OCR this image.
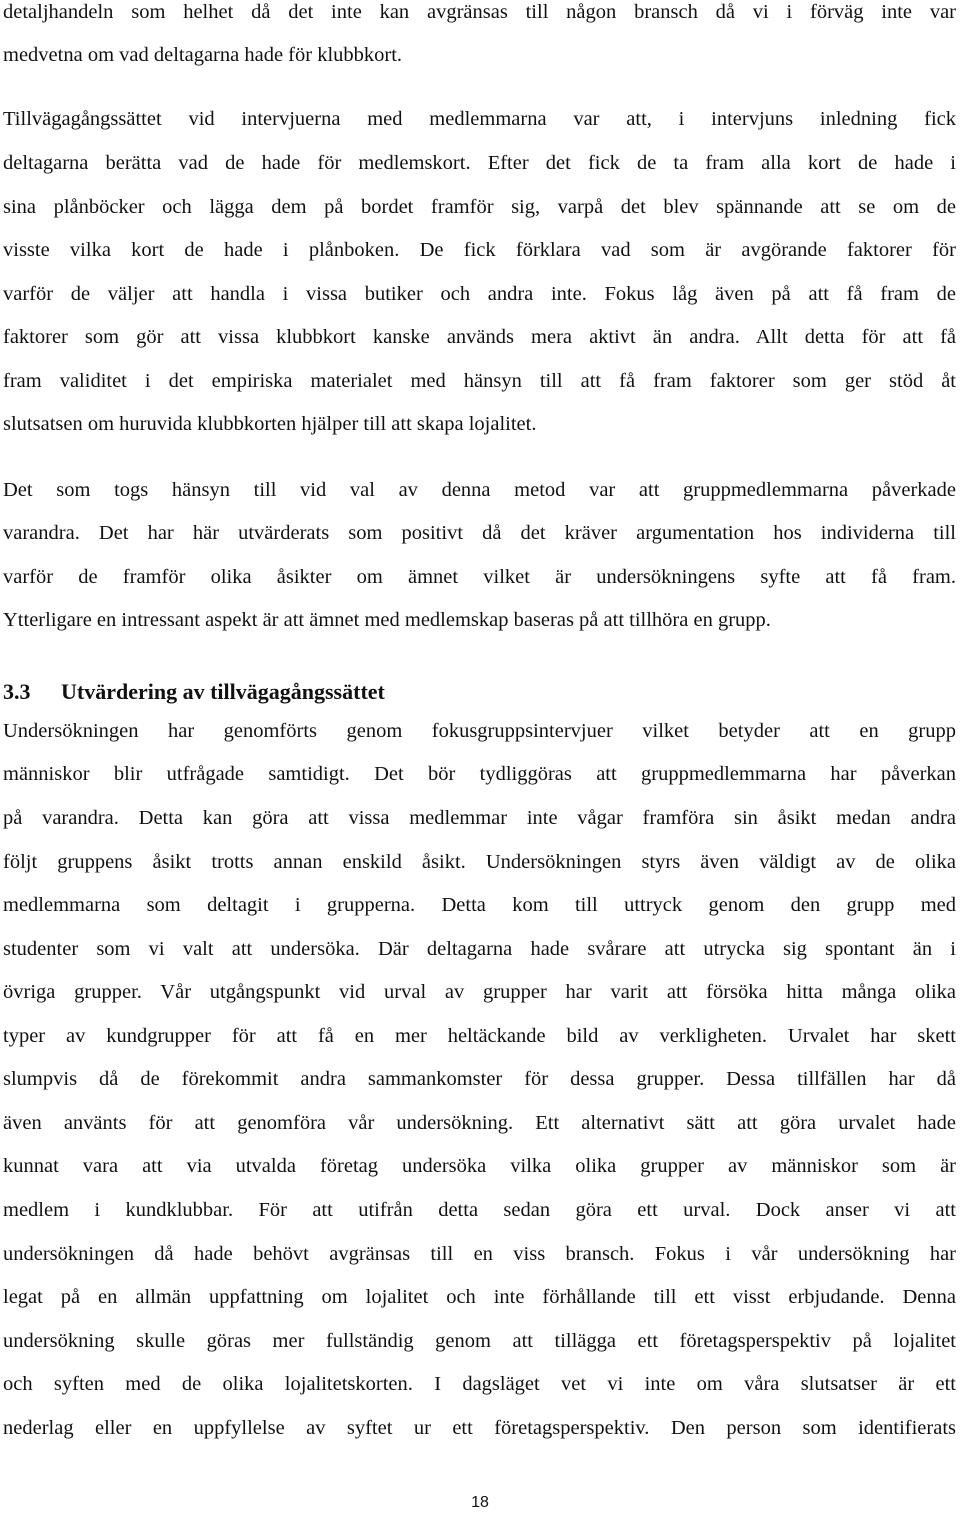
detaljhandeln som helhet då det inte kan avgränsas till någon bransch då vi i förväg inte var
medvetna om vad deltagarna hade för klubbkort.
Tillvägagångssättet vid intervjuerna med medlemmarna var att, i intervjuns inledning fick
deltagarna berätta vad de hade för medlemskort. Efter det fick de ta fram alla kort de hade i
sina plånböcker och lägga dem på bordet framför sig, varpå det blev spännande att se om de
visste vilka kort de hade i plånboken. De fick förklara vad som är avgörande faktorer för
varför de väljer att handla i vissa butiker och andra inte. Fokus låg även på att få fram de
faktorer som gör att vissa klubbkort kanske används mera aktivt än andra. Allt detta för att få
fram validitet i det empiriska materialet med hänsyn till att få fram faktorer som ger stöd åt
slutsatsen om huruvida klubbkorten hjälper till att skapa lojalitet.
Det som togs hänsyn till vid val av denna metod var att gruppmedlemmarna påverkade
varandra. Det har här utvärderats som positivt då det kräver argumentation hos individerna till
varför de framför olika åsikter om ämnet vilket är undersökningens syfte att få fram.
Ytterligare en intressant aspekt är att ämnet med medlemskap baseras på att tillhöra en grupp.
3.3 Utvärdering av tillvägagångssättet
Undersökningen har genomförts genom fokusgruppsintervjuer vilket betyder att en grupp
människor blir utfrågade samtidigt. Det bör tydliggöras att gruppmedlemmarna har påverkan
på varandra. Detta kan göra att vissa medlemmar inte vågar framföra sin åsikt medan andra
följt gruppens åsikt trotts annan enskild åsikt. Undersökningen styrs även väldigt av de olika
medlemmarna som deltagit i grupperna. Detta kom till uttryck genom den grupp med
studenter som vi valt att undersöka. Där deltagarna hade svårare att utrycka sig spontant än i
övriga grupper. Vår utgångspunkt vid urval av grupper har varit att försöka hitta många olika
typer av kundgrupper för att få en mer heltäckande bild av verkligheten. Urvalet har skett
slumpvis då de förekommit andra sammankomster för dessa grupper. Dessa tillfällen har då
även använts för att genomföra vår undersökning. Ett alternativt sätt att göra urvalet hade
kunnat vara att via utvalda företag undersöka vilka olika grupper av människor som är
medlem i kundklubbar. För att utifrån detta sedan göra ett urval. Dock anser vi att
undersökningen då hade behövt avgränsas till en viss bransch. Fokus i vår undersökning har
legat på en allmän uppfattning om lojalitet och inte förhållande till ett visst erbjudande. Denna
undersökning skulle göras mer fullständig genom att tillägga ett företagsperspektiv på lojalitet
och syften med de olika lojalitetskorten. I dagsläget vet vi inte om våra slutsatser är ett
nederlag eller en uppfyllelse av syftet ur ett företagsperspektiv. Den person som identifierats
18
